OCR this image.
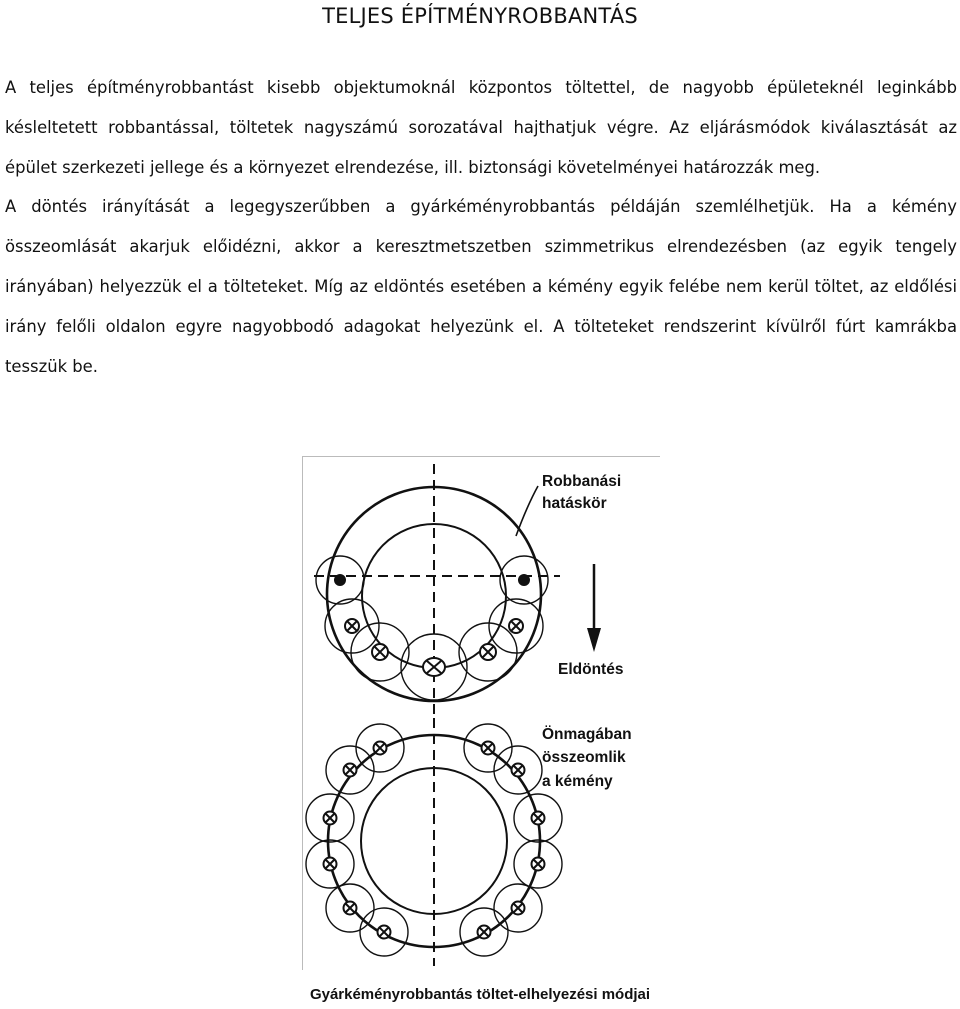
TELJES ÉPÍTMÉNYROBBANTÁS

A teljes építményrobbantást kisebb objektumoknál központos töltettel, de nagyobb épületeknél leginkább késleltetett robbantással, töltetek nagyszámú sorozatával hajthatjuk végre. Az eljárásmódok kiválasztását az épület szerkezeti jellege és a környezet elrendezése, ill. biztonsági követelményei határozzák meg.

A döntés irányítását a legegyszerűbben a gyárkéményrobbantás példáján szemlélhetjük. Ha a kémény összeomlását akarjuk előidézni, akkor a keresztmetszetben szimmetrikus elrendezésben (az egyik tengely irányában) helyezzük el a tölteteket. Míg az eldöntés esetében a kémény egyik felébe nem kerül töltet, az eldőlési irány felőli oldalon egyre nagyobbodó adagokat helyezünk el. A tölteteket rendszerint kívülről fúrt kamrákba tesszük be.

Robbanási
hatáskör
Eldöntés
Önmagában
összeomlik
a kémény
Gyárkéményrobbantás töltet-elhelyezési módjai
